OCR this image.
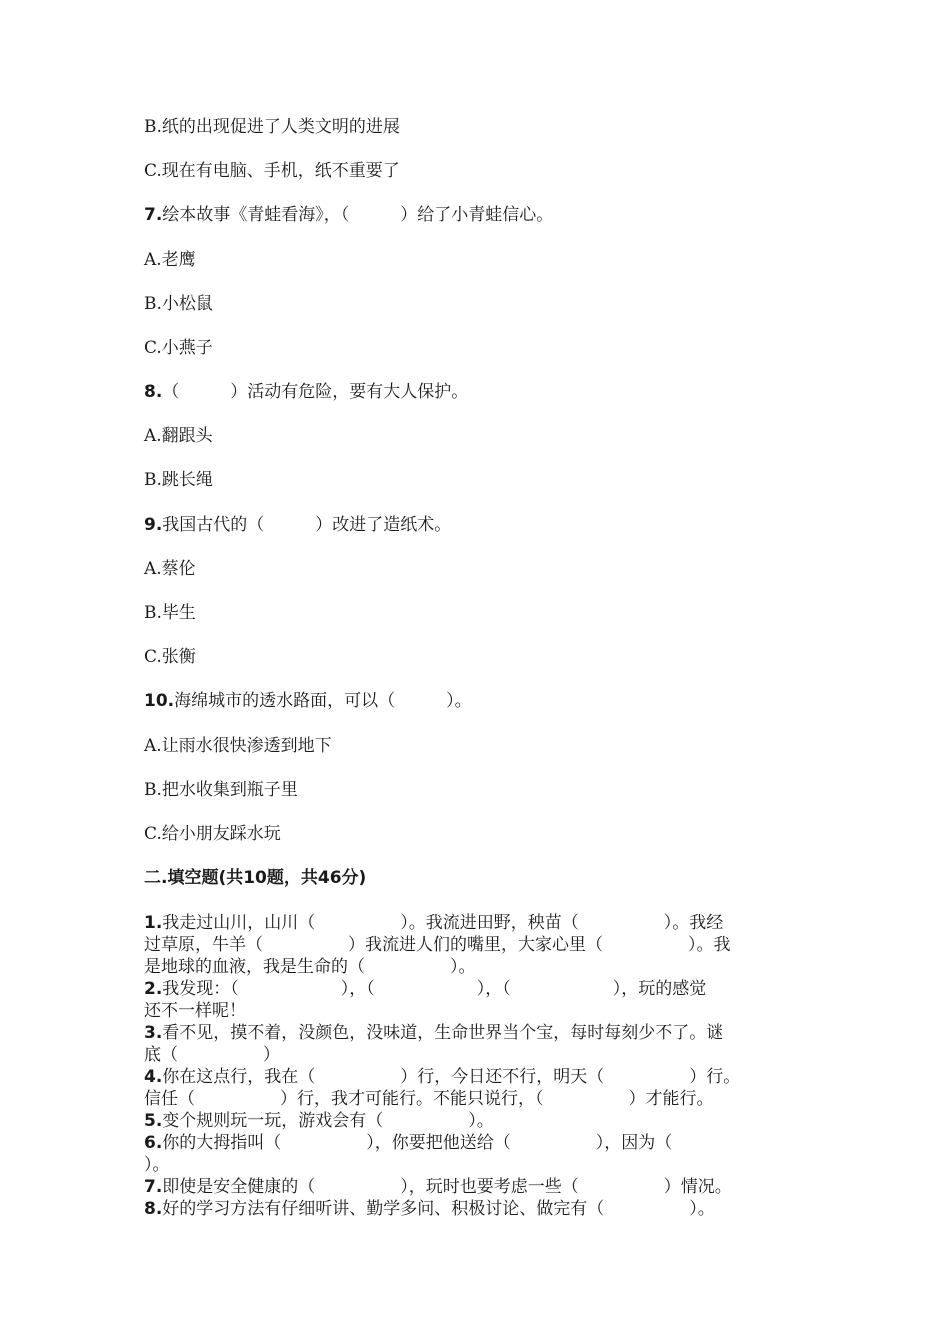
B.纸的出现促进了人类文明的进展
C.现在有电脑、手机，纸不重要了
7.绘本故事《青蛙看海》，（　　　）给了小青蛙信心。
A.老鹰
B.小松鼠
C.小燕子
8.（　　　）活动有危险，要有大人保护。
A.翻跟头
B.跳长绳
9.我国古代的（　　　）改进了造纸术。
A.蔡伦
B.毕生
C.张衡
10.海绵城市的透水路面，可以（　　　）。
A.让雨水很快渗透到地下
B.把水收集到瓶子里
C.给小朋友踩水玩
二.填空题(共10题，共46分)
1.我走过山川，山川（　　　　　）。我流进田野，秧苗（　　　　　）。我经
过草原，牛羊（　　　　　）我流进人们的嘴里，大家心里（　　　　　）。我
是地球的血液，我是生命的（　　　　　）。
2.我发现：（　　　　　　），（　　　　　　），（　　　　　　），玩的感觉
还不一样呢！
3.看不见，摸不着，没颜色，没味道，生命世界当个宝，每时每刻少不了。谜
底（　　　　　）
4.你在这点行，我在（　　　　　）行，今日还不行，明天（　　　　　）行。
信任（　　　　　）行，我才可能行。不能只说行，（　　　　　）才能行。
5.变个规则玩一玩，游戏会有（　　　　　）。
6.你的大拇指叫（　　　　　），你要把他送给（　　　　　），因为（
）。
7.即使是安全健康的（　　　　　），玩时也要考虑一些（　　　　　）情况。
8.好的学习方法有仔细听讲、勤学多问、积极讨论、做完有（　　　　　）。
